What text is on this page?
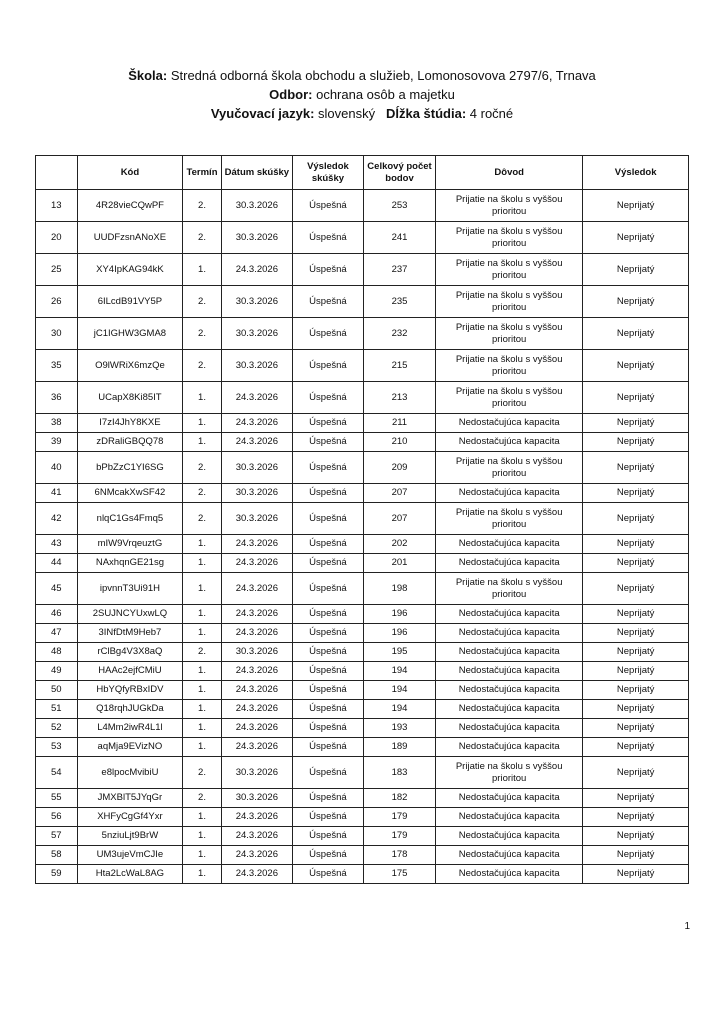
Škola: Stredná odborná škola obchodu a služieb, Lomonosovova 2797/6, Trnava
Odbor: ochrana osôb a majetku
Vyučovací jazyk: slovenský Dĺžka štúdia: 4 ročné
	Kód	Termín	Dátum skúšky	Výsledok skúšky	Celkový počet bodov	Dôvod	Výsledok
13	4R28vieCQwPF	2.	30.3.2026	Úspešná	253	Prijatie na školu s vyššou prioritou	Neprijatý
20	UUDFzsnANoXE	2.	30.3.2026	Úspešná	241	Prijatie na školu s vyššou prioritou	Neprijatý
25	XY4IpKAG94kK	1.	24.3.2026	Úspešná	237	Prijatie na školu s vyššou prioritou	Neprijatý
26	6ILcdB91VY5P	2.	30.3.2026	Úspešná	235	Prijatie na školu s vyššou prioritou	Neprijatý
30	jC1IGHW3GMA8	2.	30.3.2026	Úspešná	232	Prijatie na školu s vyššou prioritou	Neprijatý
35	O9lWRiX6mzQe	2.	30.3.2026	Úspešná	215	Prijatie na školu s vyššou prioritou	Neprijatý
36	UCapX8Ki85IT	1.	24.3.2026	Úspešná	213	Prijatie na školu s vyššou prioritou	Neprijatý
38	I7zI4JhY8KXE	1.	24.3.2026	Úspešná	211	Nedostačujúca kapacita	Neprijatý
39	zDRaliGBQQ78	1.	24.3.2026	Úspešná	210	Nedostačujúca kapacita	Neprijatý
40	bPbZzC1YI6SG	2.	30.3.2026	Úspešná	209	Prijatie na školu s vyššou prioritou	Neprijatý
41	6NMcakXwSF42	2.	30.3.2026	Úspešná	207	Nedostačujúca kapacita	Neprijatý
42	nlqC1Gs4Fmq5	2.	30.3.2026	Úspešná	207	Prijatie na školu s vyššou prioritou	Neprijatý
43	mIW9VrqeuztG	1.	24.3.2026	Úspešná	202	Nedostačujúca kapacita	Neprijatý
44	NAxhqnGE21sg	1.	24.3.2026	Úspešná	201	Nedostačujúca kapacita	Neprijatý
45	ipvnnT3Ui91H	1.	24.3.2026	Úspešná	198	Prijatie na školu s vyššou prioritou	Neprijatý
46	2SUJNCYUxwLQ	1.	24.3.2026	Úspešná	196	Nedostačujúca kapacita	Neprijatý
47	3INfDtM9Heb7	1.	24.3.2026	Úspešná	196	Nedostačujúca kapacita	Neprijatý
48	rClBg4V3X8aQ	2.	30.3.2026	Úspešná	195	Nedostačujúca kapacita	Neprijatý
49	HAAc2ejfCMiU	1.	24.3.2026	Úspešná	194	Nedostačujúca kapacita	Neprijatý
50	HbYQfyRBxIDV	1.	24.3.2026	Úspešná	194	Nedostačujúca kapacita	Neprijatý
51	Q18rqhJUGkDa	1.	24.3.2026	Úspešná	194	Nedostačujúca kapacita	Neprijatý
52	L4Mm2iwR4L1l	1.	24.3.2026	Úspešná	193	Nedostačujúca kapacita	Neprijatý
53	aqMja9EVizNO	1.	24.3.2026	Úspešná	189	Nedostačujúca kapacita	Neprijatý
54	e8lpocMvibiU	2.	30.3.2026	Úspešná	183	Prijatie na školu s vyššou prioritou	Neprijatý
55	JMXBlT5JYqGr	2.	30.3.2026	Úspešná	182	Nedostačujúca kapacita	Neprijatý
56	XHFyCgGf4Yxr	1.	24.3.2026	Úspešná	179	Nedostačujúca kapacita	Neprijatý
57	5nziuLjt9BrW	1.	24.3.2026	Úspešná	179	Nedostačujúca kapacita	Neprijatý
58	UM3ujeVmCJIe	1.	24.3.2026	Úspešná	178	Nedostačujúca kapacita	Neprijatý
59	Hta2LcWaL8AG	1.	24.3.2026	Úspešná	175	Nedostačujúca kapacita	Neprijatý
1
